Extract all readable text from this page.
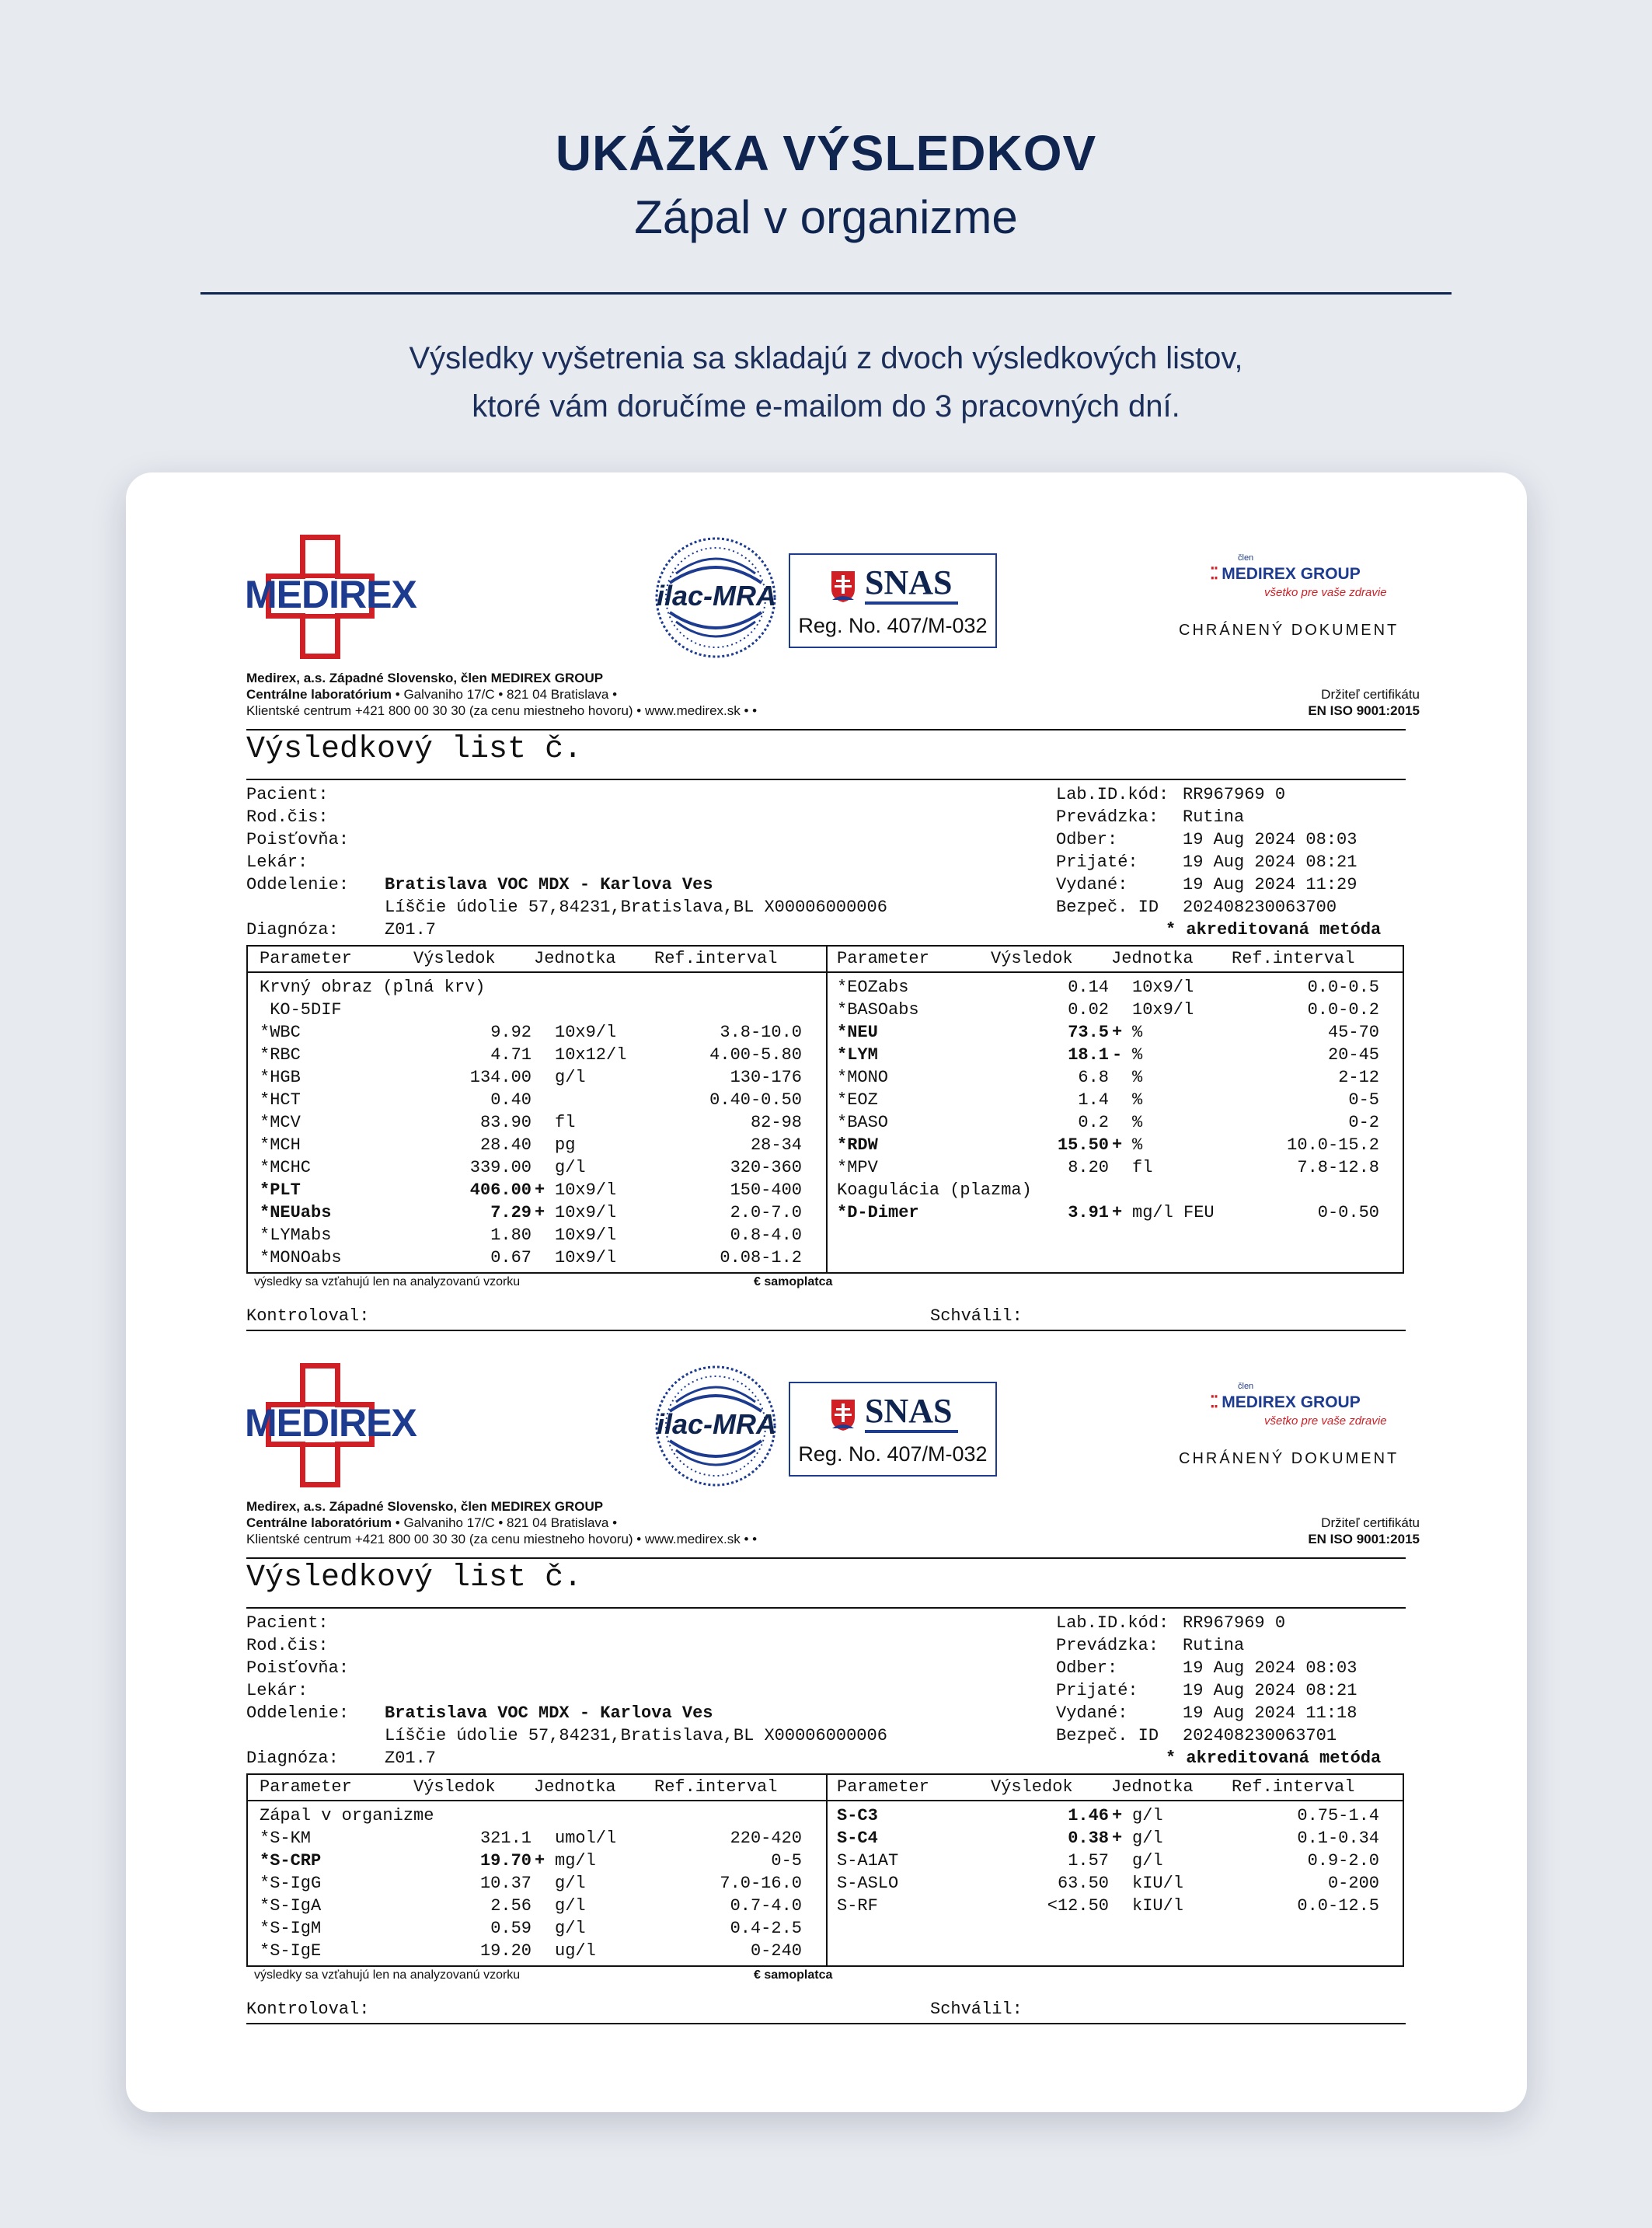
UKÁŽKA VÝSLEDKOV
Zápal v organizme
Výsledky vyšetrenia sa skladajú z dvoch výsledkových listov,
ktoré vám doručíme e-mailom do 3 pracovných dní.
MEDIREX	ilac-MRA	SNAS
Reg. No. 407/M-032
⁚⁚ MEDIREX GROUP
člen
všetko pre vaše zdravie
CHRÁNENÝ DOKUMENT
Medirex, a.s. Západné Slovensko, člen MEDIREX GROUP
Centrálne laboratórium • Galvaniho 17/C • 821 04 Bratislava •
Klientské centrum +421 800 00 30 30 (za cenu miestneho hovoru) • www.medirex.sk • •
Držiteľ certifikátu
EN ISO 9001:2015
Výsledkový list č.
Pacient:
Rod.čis:
Poisťovňa:
Lekár:
Oddelenie: Bratislava VOC MDX - Karlova Ves
Líščie údolie 57,84231,Bratislava,BL X00006000006
Diagnóza:	Z01.7
Lab.ID.kód: RR967969 0
Prevádzka: Rutina
Odber:	19 Aug 2024 08:03
Prijaté:	19 Aug 2024 08:21
Vydané:	19 Aug 2024 11:29
Bezpeč. ID 202408230063700
* akreditovaná metóda
Parameter	Výsledok Jednotka Ref.interval	Parameter	Výsledok Jednotka Ref.interval
Krvný obraz (plná krv)
KO-5DIF
*WBC	9.92 10x9/l	3.8-10.0
*RBC	4.71 10x12/l	4.00-5.80
*HGB	134.00 g/l	130-176
*HCT	0.40	0.40-0.50
*MCV	83.90 fl	82-98
*MCH	28.40 pg	28-34
*MCHC	339.00 g/l	320-360
*PLT	406.00 + 10x9/l	150-400
*NEUabs	7.29 + 10x9/l	2.0-7.0
*LYMabs	1.80 10x9/l	0.8-4.0
*MONOabs	0.67 10x9/l	0.08-1.2
*EOZabs	0.14 10x9/l	0.0-0.5
*BASOabs	0.02 10x9/l	0.0-0.2
*NEU	73.5 + %	45-70
*LYM	18.1 - %	20-45
*MONO	6.8 %	2-12
*EOZ	1.4 %	0-5
*BASO	0.2 %	0-2
*RDW	15.50 + %	10.0-15.2
*MPV	8.20 fl	7.8-12.8
Koagulácia (plazma)
*D-Dimer	3.91 + mg/l FEU	0-0.50
výsledky sa vzťahujú len na analyzovanú vzorku	€ samoplatca
Kontroloval:	Schválil:
MEDIREX	ilac-MRA	SNAS
Reg. No. 407/M-032
⁚⁚ MEDIREX GROUP
člen
všetko pre vaše zdravie
CHRÁNENÝ DOKUMENT
Medirex, a.s. Západné Slovensko, člen MEDIREX GROUP
Centrálne laboratórium • Galvaniho 17/C • 821 04 Bratislava •
Klientské centrum +421 800 00 30 30 (za cenu miestneho hovoru) • www.medirex.sk • •
Držiteľ certifikátu
EN ISO 9001:2015
Výsledkový list č.
Pacient:
Rod.čis:
Poisťovňa:
Lekár:
Oddelenie: Bratislava VOC MDX - Karlova Ves
Líščie údolie 57,84231,Bratislava,BL X00006000006
Diagnóza:	Z01.7
Lab.ID.kód: RR967969 0
Prevádzka: Rutina
Odber:	19 Aug 2024 08:03
Prijaté:	19 Aug 2024 08:21
Vydané:	19 Aug 2024 11:18
Bezpeč. ID 202408230063701
* akreditovaná metóda
Parameter	Výsledok Jednotka Ref.interval	Parameter	Výsledok Jednotka Ref.interval
Zápal v organizme
*S-KM	321.1 umol/l	220-420
*S-CRP	19.70 + mg/l	0-5
*S-IgG	10.37 g/l	7.0-16.0
*S-IgA	2.56 g/l	0.7-4.0
*S-IgM	0.59 g/l	0.4-2.5
*S-IgE	19.20 ug/l	0-240
S-C3	1.46 + g/l	0.75-1.4
S-C4	0.38 + g/l	0.1-0.34
S-A1AT	1.57 g/l	0.9-2.0
S-ASLO	63.50 kIU/l	0-200
S-RF	<12.50 kIU/l	0.0-12.5
výsledky sa vzťahujú len na analyzovanú vzorku	€ samoplatca
Kontroloval:	Schválil:
